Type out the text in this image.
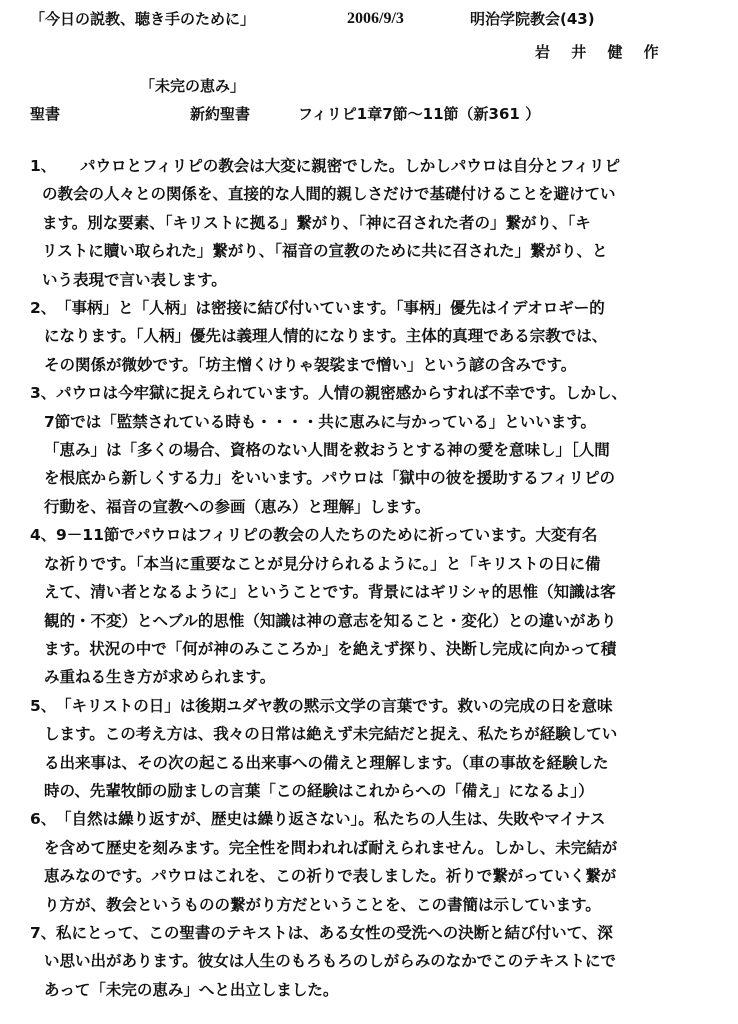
「今日の説教、聴き手のために」	2006/9/3	明治学院教会(43)
岩 井 健 作
「未完の恵み」
聖書	新約聖書	フィリピ1章7節～11節（新361 ）
1、	パウロとフィリピの教会は大変に親密でした。しかしパウロは自分とフィリピ
の教会の人々との関係を、直接的な人間的親しさだけで基礎付けることを避けてい
ます。別な要素、「キリストに拠る」繋がり、「神に召された者の」繋がり、「キ
リストに贖い取られた」繋がり、「福音の宣教のために共に召された」繋がり、と
いう表現で言い表します。
2、 「事柄」と「人柄」は密接に結び付いています。「事柄」優先はイデオロギー的
になります。「人柄」優先は義理人情的になります。主体的真理である宗教では、
その関係が微妙です。「坊主憎くけりゃ袈裟まで憎い」という諺の含みです。
3、 パウロは今牢獄に捉えられています。人情の親密感からすれば不幸です。しかし、
7節では「監禁されている時も・・・・共に恵みに与かっている」といいます。
「恵み」は「多くの場合、資格のない人間を救おうとする神の愛を意味し」［人間
を根底から新しくする力」をいいます。パウロは「獄中の彼を援助するフィリピの
行動を、福音の宣教への参画（恵み）と理解」します。
4、 9－11節でパウロはフィリピの教会の人たちのために祈っています。大変有名
な祈りです。「本当に重要なことが見分けられるように。」と「キリストの日に備
えて、清い者となるように」ということです。背景にはギリシャ的思惟（知識は客
観的・不変）とヘブル的思惟（知識は神の意志を知ること・変化）との違いがあり
ます。状況の中で「何が神のみこころか」を絶えず探り、決断し完成に向かって積
み重ねる生き方が求められます。
5、 「キリストの日」は後期ユダヤ教の黙示文学の言葉です。救いの完成の日を意味
します。この考え方は、我々の日常は絶えず未完結だと捉え、私たちが経験してい
る出来事は、その次の起こる出来事への備えと理解します。（車の事故を経験した
時の、先輩牧師の励ましの言葉「この経験はこれからへの「備え」になるよ」）
6、 「自然は繰り返すが、歴史は繰り返さない」。私たちの人生は、失敗やマイナス
を含めて歴史を刻みます。完全性を問われれば耐えられません。しかし、未完結が
恵みなのです。パウロはこれを、この祈りで表しました。祈りで繋がっていく繋が
り方が、教会というものの繋がり方だということを、この書簡は示しています。
7、 私にとって、この聖書のテキストは、ある女性の受洗への決断と結び付いて、深
い思い出があります。彼女は人生のもろもろのしがらみのなかでこのテキストにで
あって「未完の恵み」へと出立しました。
